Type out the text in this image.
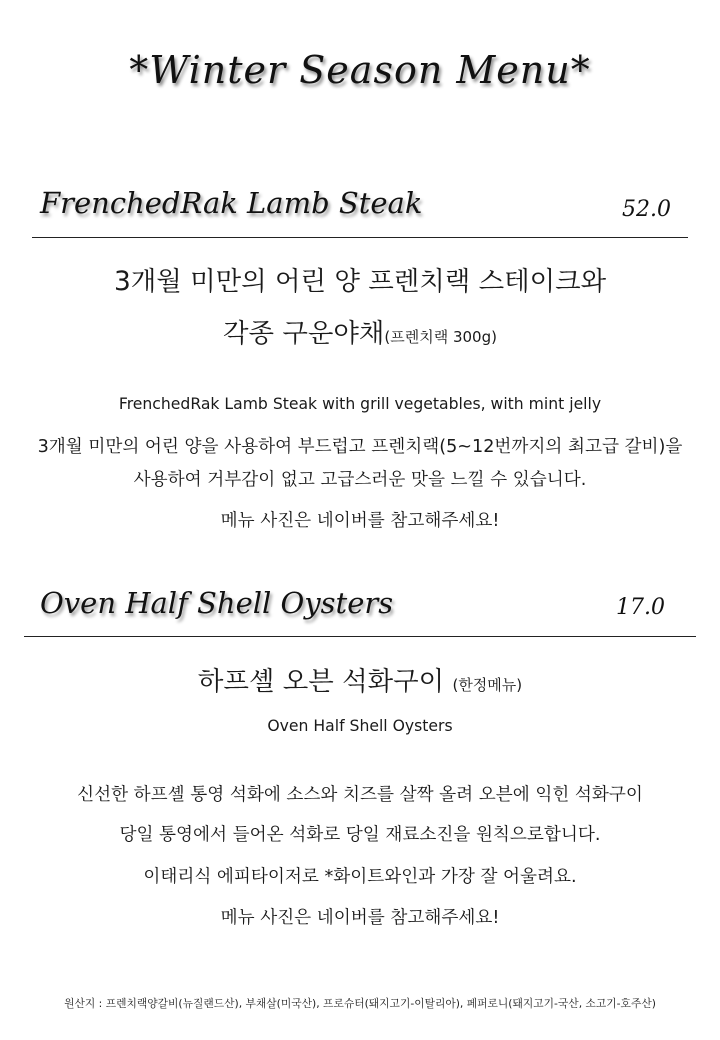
*Winter Season Menu*
FrenchedRak Lamb Steak	52.0
3개월 미만의 어린 양 프렌치랙 스테이크와
각종 구운야채(프렌치랙 300g)
FrenchedRak Lamb Steak with grill vegetables, with mint jelly
3개월 미만의 어린 양을 사용하여 부드럽고 프렌치랙(5~12번까지의 최고급 갈비)을
사용하여 거부감이 없고 고급스러운 맛을 느낄 수 있습니다.
메뉴 사진은 네이버를 참고해주세요!
Oven Half Shell Oysters	17.0
하프셸 오븐 석화구이 (한정메뉴)
Oven Half Shell Oysters
신선한 하프셸 통영 석화에 소스와 치즈를 살짝 올려 오븐에 익힌 석화구이
당일 통영에서 들어온 석화로 당일 재료소진을 원칙으로합니다.
이태리식 에피타이저로 *화이트와인과 가장 잘 어울려요.
메뉴 사진은 네이버를 참고해주세요!
원산지 : 프렌치랙양갈비(뉴질랜드산), 부채살(미국산), 프로슈터(돼지고기-이탈리아), 페퍼로니(돼지고기-국산, 소고기-호주산)
